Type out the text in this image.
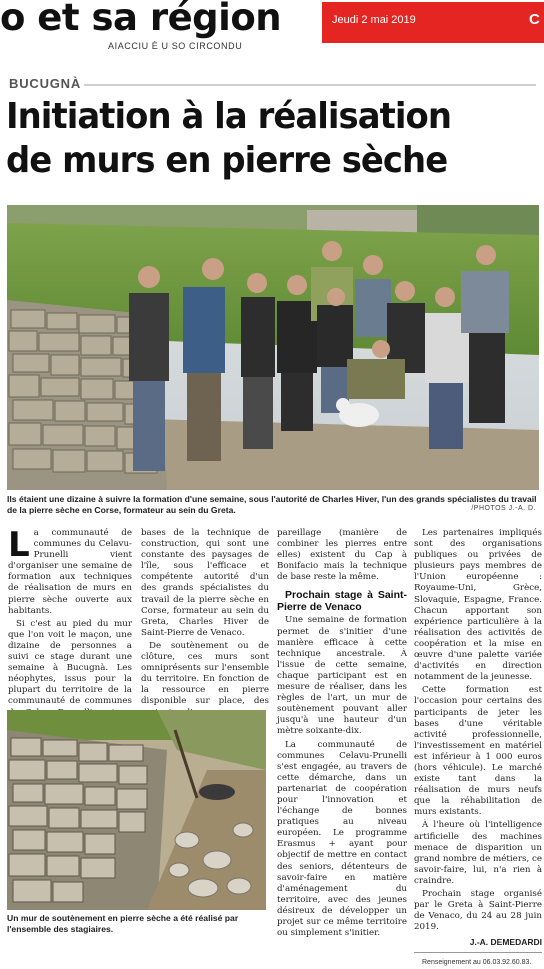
o et sa région
AIACCIU È U SO CIRCONDU
Jeudi 2 mai 2019	C
BUCUGNÀ
Initiation à la réalisation
de murs en pierre sèche
Ils étaient une dizaine à suivre la formation d'une semaine, sous l'autorité de Charles Hiver, l'un des grands spécialistes du travail de la pierre sèche en Corse, formateur au sein du Greta.	/PHOTOS J.-A. D.

La communauté de communes du Celavu-Prunelli vient d'organiser une semaine de formation aux techniques de réalisation de murs en pierre sèche ouverte aux habitants.

Si c'est au pied du mur que l'on voit le maçon, une dizaine de personnes a suivi ce stage durant une semaine à Bucugnà. Les néophytes, issus pour la plupart du territoire de la communauté de communes

bases de la technique de construction, qui sont une constante des paysages de l'île, sous l'efficace et compétente autorité d'un des grands spécialistes du travail de la pierre sèche en Corse, formateur au sein du Greta, Charles Hiver de Saint-Pierre de Venaco.

De soutènement ou de clôture, ces murs sont omniprésents sur l'ensemble du territoire. En fonction de la ressource en pierre disponible sur place, des

Un mur de soutènement en pierre sèche a été réalisé par l'ensemble des stagiaires.

pareillage (manière de combiner les pierres entre elles) existent du Cap à Bonifacio mais la technique de base reste la même.

Prochain stage à Saint-Pierre de Venaco

Une semaine de formation permet de s'initier d'une manière efficace à cette technique ancestrale. À l'issue de cette semaine, chaque participant est en mesure de réaliser, dans les règles de l'art, un mur de soutènement pouvant aller jusqu'à une hauteur d'un mètre soixante-dix.

La communauté de communes Celavu-Prunelli s'est engagée, au travers de cette démarche, dans un partenariat de coopération pour l'innovation et l'échange de bonnes pratiques au niveau européen. Le programme Erasmus + ayant pour objectif de mettre en contact des seniors, détenteurs de savoir-faire en matière d'aménagement du territoire, avec des jeunes désireux de développer un projet sur ce même territoire ou simplement s'initier.

Les partenaires impliqués sont des organisations publiques ou privées de plusieurs pays membres de l'Union européenne : Royaume-Uni, Grèce, Slovaquie, Espagne, France. Chacun apportant son expérience particulière à la réalisation des activités de coopération et la mise en œuvre d'une palette variée d'activités en direction notamment de la jeunesse.

Cette formation est l'occasion pour certains des participants de jeter les bases d'une véritable activité professionnelle, l'investissement en matériel est inférieur à 1 000 euros (hors véhicule). Le marché existe tant dans la réalisation de murs neufs que la réhabilitation de murs existants.

À l'heure où l'intelligence artificielle des machines menace de disparition un grand nombre de métiers, ce savoir-faire, lui, n'a rien à craindre.

Prochain stage organisé par le Greta à Saint-Pierre de Venaco, du 24 au 28 juin 2019.

J.-A. DEMEDARDI

Renseignement au 06.03.92.60.83.
